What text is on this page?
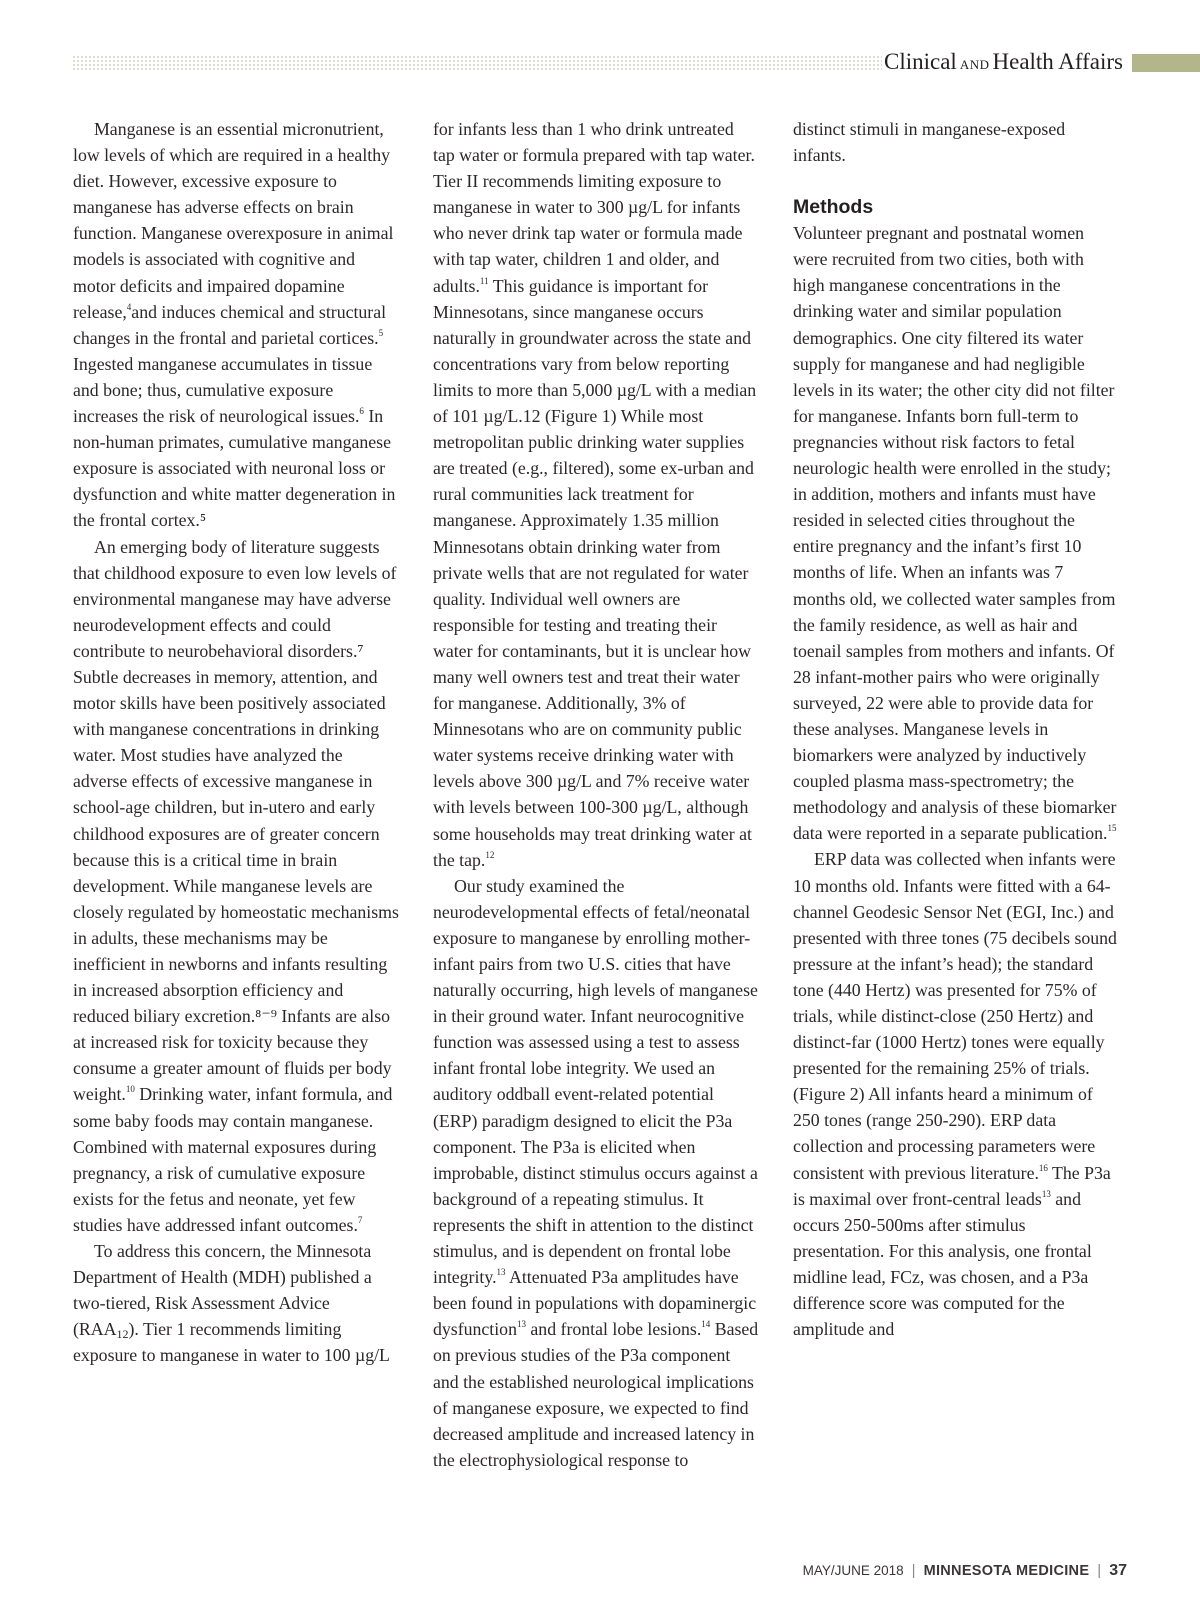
Clinical AND Health Affairs

Manganese is an essential micronutrient, low levels of which are required in a healthy diet. However, excessive exposure to manganese has adverse effects on brain function. Manganese overexposure in animal models is associated with cognitive and motor deficits and impaired dopamine release,$^4$and induces chemical and structural changes in the frontal and parietal cortices.$^5$ Ingested manganese accumulates in tissue and bone; thus, cumulative exposure increases the risk of neurological issues.$^6$ In non-human primates, cumulative manganese exposure is associated with neuronal loss or dysfunction and white matter degeneration in the frontal cortex.⁵

An emerging body of literature suggests that childhood exposure to even low levels of environmental manganese may have adverse neurodevelopment effects and could contribute to neurobehavioral disorders.⁷ Subtle decreases in memory, attention, and motor skills have been positively associated with manganese concentrations in drinking water. Most studies have analyzed the adverse effects of excessive manganese in school-age children, but in-utero and early childhood exposures are of greater concern because this is a critical time in brain development. While manganese levels are closely regulated by homeostatic mechanisms in adults, these mechanisms may be inefficient in newborns and infants resulting in increased absorption efficiency and reduced biliary excretion.⁸⁻⁹ Infants are also at increased risk for toxicity because they consume a greater amount of fluids per body weight.$^{10}$ Drinking water, infant formula, and some baby foods may contain manganese. Combined with maternal exposures during pregnancy, a risk of cumulative exposure exists for the fetus and neonate, yet few studies have addressed infant outcomes.$^7$

To address this concern, the Minnesota Department of Health (MDH) published a two-tiered, Risk Assessment Advice $(RAA_{12})$. Tier 1 recommends limiting exposure to manganese in water to 100 µg/L

for infants less than 1 who drink untreated tap water or formula prepared with tap water. Tier II recommends limiting exposure to manganese in water to 300 µg/L for infants who never drink tap water or formula made with tap water, children 1 and older, and adults.$^{11}$ This guidance is important for Minnesotans, since manganese occurs naturally in groundwater across the state and concentrations vary from below reporting limits to more than 5,000 µg/L with a median of 101 µg/L.12 (Figure 1) While most metropolitan public drinking water supplies are treated (e.g., filtered), some ex-urban and rural communities lack treatment for manganese. Approximately 1.35 million Minnesotans obtain drinking water from private wells that are not regulated for water quality. Individual well owners are responsible for testing and treating their water for contaminants, but it is unclear how many well owners test and treat their water for manganese. Additionally, 3% of Minnesotans who are on community public water systems receive drinking water with levels above 300 µg/L and 7% receive water with levels between 100-300 µg/L, although some households may treat drinking water at the tap.$^{12}$

Our study examined the neurodevelopmental effects of fetal/neonatal exposure to manganese by enrolling mother-infant pairs from two U.S. cities that have naturally occurring, high levels of manganese in their ground water. Infant neurocognitive function was assessed using a test to assess infant frontal lobe integrity. We used an auditory oddball event-related potential (ERP) paradigm designed to elicit the P3a component. The P3a is elicited when improbable, distinct stimulus occurs against a background of a repeating stimulus. It represents the shift in attention to the distinct stimulus, and is dependent on frontal lobe integrity.$^{13}$ Attenuated P3a amplitudes have been found in populations with dopaminergic dysfunction$^{13}$ and frontal lobe lesions.$^{14}$ Based on previous studies of the P3a component and the established neurological implications of manganese exposure, we expected to find decreased amplitude and increased latency in the electrophysiological response to

distinct stimuli in manganese-exposed infants.

Methods

Volunteer pregnant and postnatal women were recruited from two cities, both with high manganese concentrations in the drinking water and similar population demographics. One city filtered its water supply for manganese and had negligible levels in its water; the other city did not filter for manganese. Infants born full-term to pregnancies without risk factors to fetal neurologic health were enrolled in the study; in addition, mothers and infants must have resided in selected cities throughout the entire pregnancy and the infant’s first 10 months of life. When an infants was 7 months old, we collected water samples from the family residence, as well as hair and toenail samples from mothers and infants. Of 28 infant-mother pairs who were originally surveyed, 22 were able to provide data for these analyses. Manganese levels in biomarkers were analyzed by inductively coupled plasma mass-spectrometry; the methodology and analysis of these biomarker data were reported in a separate publication.$^{15}$

ERP data was collected when infants were 10 months old. Infants were fitted with a 64-channel Geodesic Sensor Net (EGI, Inc.) and presented with three tones (75 decibels sound pressure at the infant’s head); the standard tone (440 Hertz) was presented for 75% of trials, while distinct-close (250 Hertz) and distinct-far (1000 Hertz) tones were equally presented for the remaining 25% of trials. (Figure 2) All infants heard a minimum of 250 tones (range 250-290). ERP data collection and processing parameters were consistent with previous literature.$^{16}$ The P3a is maximal over front-central leads$^{13}$ and occurs 250-500ms after stimulus presentation. For this analysis, one frontal midline lead, FCz, was chosen, and a P3a difference score was computed for the amplitude and

MAY/JUNE 2018 | MINNESOTA MEDICINE | 37
